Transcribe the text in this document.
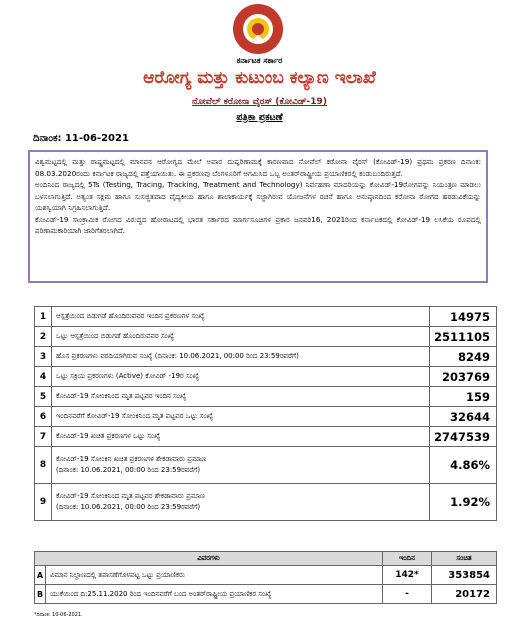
ಕರ್ನಾಟಕ ಸರ್ಕಾರ
ಆರೋಗ್ಯ ಮತ್ತು ಕುಟುಂಬ ಕಲ್ಯಾಣ ಇಲಾಖೆ
ನೋವೆಲ್ ಕರೋನಾ ವೈರಸ್ (ಕೋವಿಡ್-19)
ಪತ್ರಿಕಾ ಪ್ರಕಟಣೆ
ದಿನಾಂಕ: 11-06-2021

ವಿಶ್ವಮಟ್ಟದಲ್ಲಿ ಮತ್ತು ರಾಷ್ಟ್ರಮಟ್ಟದಲ್ಲಿ ಮಾನವನ ಆರೋಗ್ಯದ ಮೇಲೆ ಅಪಾರ ದುಷ್ಪರಿಣಾಮಕ್ಕೆ ಕಾರಣವಾದ ನೋವೆಲ್ ಕರೋನಾ ವೈರಸ್ (ಕೋವಿಡ್-19) ಪ್ರಥಮ ಪ್ರಕರಣ ದಿನಾಂಕ: 08.03.2020ರಂದು ಕರ್ನಾಟಕ ರಾಜ್ಯದಲ್ಲಿ ಪತ್ತೆಯಾಯಿತು. ಈ ಪ್ರಕರಣವು ಬೆಂಗಳೂರಿಗೆ ಆಗಮಿಸಿದ ಒಬ್ಬ ಅಂತರ್‌ರಾಷ್ಟ್ರೀಯ ಪ್ರಯಾಣಿಕರಲ್ಲಿ ಕಂಡುಬಂದಿರುತ್ತದೆ.

ಅಂದಿನಿಂದ ರಾಜ್ಯದಲ್ಲಿ 5Ts (Testing, Tracing, Tracking, Treatment and Technology) ನಿರ್ವಹಣಾ ಮಾದರಿಯನ್ನು ಕೋವಿಡ್-19ರೋಗವನ್ನು ನಿಯಂತ್ರಣ ಮಾಡಲು ಬಳಸಲಾಗುತ್ತಿದೆ. ಅತ್ಯಂತ ಸಕ್ಷಮ ಹಾಗೂ ಸುಸಜ್ಜಿತವಾದ ವೈದ್ಯಕೀಯ ಹಾಗೂ ಶಾಲಾಕಾರ್ಯಕ್ಕೆ ಸಜ್ಜಾಗಿರುವ ಯೋಜನೆಗಳ ರಚನೆ ಹಾಗೂ ಅನುಷ್ಠಾನದಿಂದ ಕರೋನಾ ರೋಗದ ಹರಡುವಿಕೆಯನ್ನು ಯಶಸ್ವಿಯಾಗಿ ನಿಗ್ರಹಿಸಲಾಗುತ್ತಿದೆ.

ಕೋವಿಡ್-19 ಸಾಂಕ್ರಾಮಿಕ ರೋಗದ ವಿರುದ್ಧದ ಹೋರಾಟದಲ್ಲಿ ಭಾರತ ಸರ್ಕಾರದ ಮಾರ್ಗಸೂಚಿಗಳ ಪ್ರಕಾರ ಜನವರಿ16, 2021ರಿಂದ ಕರ್ನಾಟಕದಲ್ಲಿ ಕೋವಿಡ್-19 ಲಸಿಕೆಯ ರೂಪದಲ್ಲಿ ಪರಿಣಾಮಕಾರಿಯಾಗಿ ಜಾರಿಗೆತರಲಾಗಿದೆ.

1	ಆಸ್ಪತ್ರೆಯಿಂದ ಬಿಡುಗಡೆ ಹೊಂದಿರುವವರ ಇಂದಿನ ಪ್ರಕರಣಗಳ ಸಂಖ್ಯೆ	14975
2	ಒಟ್ಟು ಆಸ್ಪತ್ರೆಯಿಂದ ಬಿಡುಗಡೆ ಹೊಂದಿರುವವರ ಸಂಖ್ಯೆ	2511105
3	ಹೊಸ ಪ್ರಕರಣಗಳು ವರದಿಯಾಗಿರುವ ಸಂಖ್ಯೆ (ದಿನಾಂಕ: 10.06.2021, 00:00 ರಿಂದ 23:59ರವರೆಗೆ)	8249
4	ಒಟ್ಟು ಸಕ್ರಿಯ ಪ್ರಕರಣಗಳು (Active) ಕೋವಿಡ್ -19ರ ಸಂಖ್ಯೆ	203769
5	ಕೋವಿಡ್-19 ಸೋಂಕಿನಿಂದ ಮೃತ ಪಟ್ಟವರ ಇಂದಿನ ಸಂಖ್ಯೆ	159
6	ಇಂದಿನವರೆಗೆ ಕೋವಿಡ್-19 ಸೋಂಕಿನಿಂದ ಮೃತ ಪಟ್ಟವರ ಒಟ್ಟು ಸಂಖ್ಯೆ	32644
7	ಕೋವಿಡ್-19 ಖಚಿತ ಪ್ರಕರಣಗಳ ಒಟ್ಟು ಸಂಖ್ಯೆ	2747539
8	ಕೋವಿಡ್-19 ಸೋಂಕಿನ ಖಚಿತ ಪ್ರಕರಣಗಳ ಶೇಕಡಾವಾರು ಪ್ರಮಾಣ
(ದಿನಾಂಕ: 10.06.2021, 00:00 ರಿಂದ 23:59ರವರೆಗೆ)	4.86%
9	ಕೋವಿಡ್-19 ಸೋಂಕಿನಿಂದ ಮೃತ ಪಟ್ಟವರ ಶೇಕಡಾವಾರು ಪ್ರಮಾಣ
(ದಿನಾಂಕ: 10.06.2021, 00:00 ರಿಂದ 23:59ರವರೆಗೆ)	1.92%
ವಿವರಗಳು		ಇಂದಿನ	ಸಂಚಿತ
A	ವಿಮಾನ ನಿಲ್ದಾಣದಲ್ಲಿ ತಪಾಸಣೆಗೊಳಪಟ್ಟ ಒಟ್ಟು ಪ್ರಯಾಣಿಕರು	142*	353854
B	ಯುಕೆಯಿಂದ ದಿ:25.11.2020 ರಿಂದ ಇಂದಿನವರೆಗೆ ಬಂದ ಅಂತರ್‌ರಾಷ್ಟ್ರೀಯ ಪ್ರಯಾಣಿಕರ ಸಂಖ್ಯೆ	-	20172
*ದಿನಾಂಕ: 10-06-2021.
